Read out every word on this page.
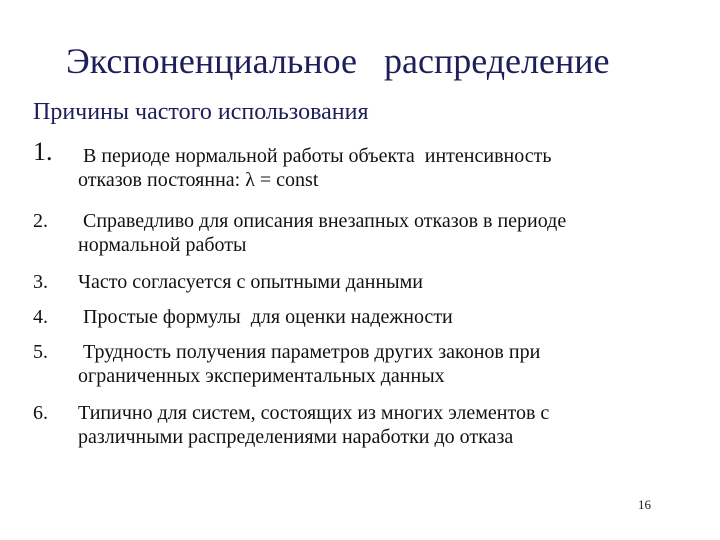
Экспоненциальное   распределение
Причины частого использования
1. В периоде нормальной работы объекта  интенсивность
отказов постоянна: λ = const
2. Справедливо для описания внезапных отказов в периоде
нормальной работы
3. Часто согласуется с опытными данными
4. Простые формулы  для оценки надежности
5. Трудность получения параметров других законов при
ограниченных экспериментальных данных
6. Типично для систем, состоящих из многих элементов с
различными распределениями наработки до отказа
16
